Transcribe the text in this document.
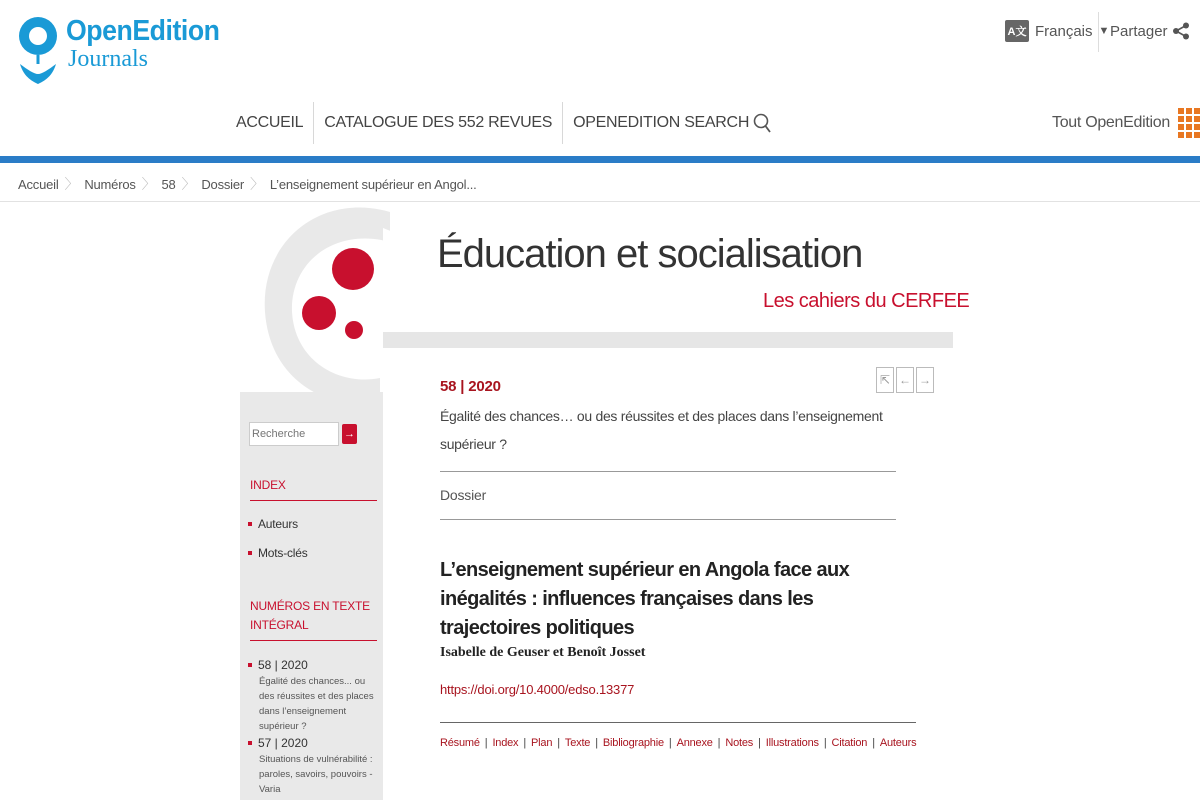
OpenEdition
Journals
A文 Français ▼ Partager
ACCUEIL	CATALOGUE DES 552 REVUES	OPENEDITION SEARCH	Tout OpenEdition
Accueil 〉 Numéros 〉 58 〉 Dossier 〉 L’enseignement supérieur en Angol...
Éducation et socialisation
Les cahiers du CERFEE
Recherche
→
INDEX
Auteurs
Mots-clés
NUMÉROS EN TEXTE
INTÉGRAL
58 | 2020
Égalité des chances... ou des réussites et des places dans l’enseignement supérieur ?
57 | 2020
Situations de vulnérabilité : paroles, savoirs, pouvoirs - Varia
58 | 2020
Égalité des chances… ou des réussites et des places dans l’enseignement supérieur ?
⇱ ← →
Dossier
L’enseignement supérieur en Angola face aux inégalités : influences françaises dans les trajectoires politiques
Isabelle de Geuser et Benoît Josset
https://doi.org/10.4000/edso.13377
Résumé | Index | Plan | Texte | Bibliographie | Annexe | Notes | Illustrations | Citation | Auteurs
